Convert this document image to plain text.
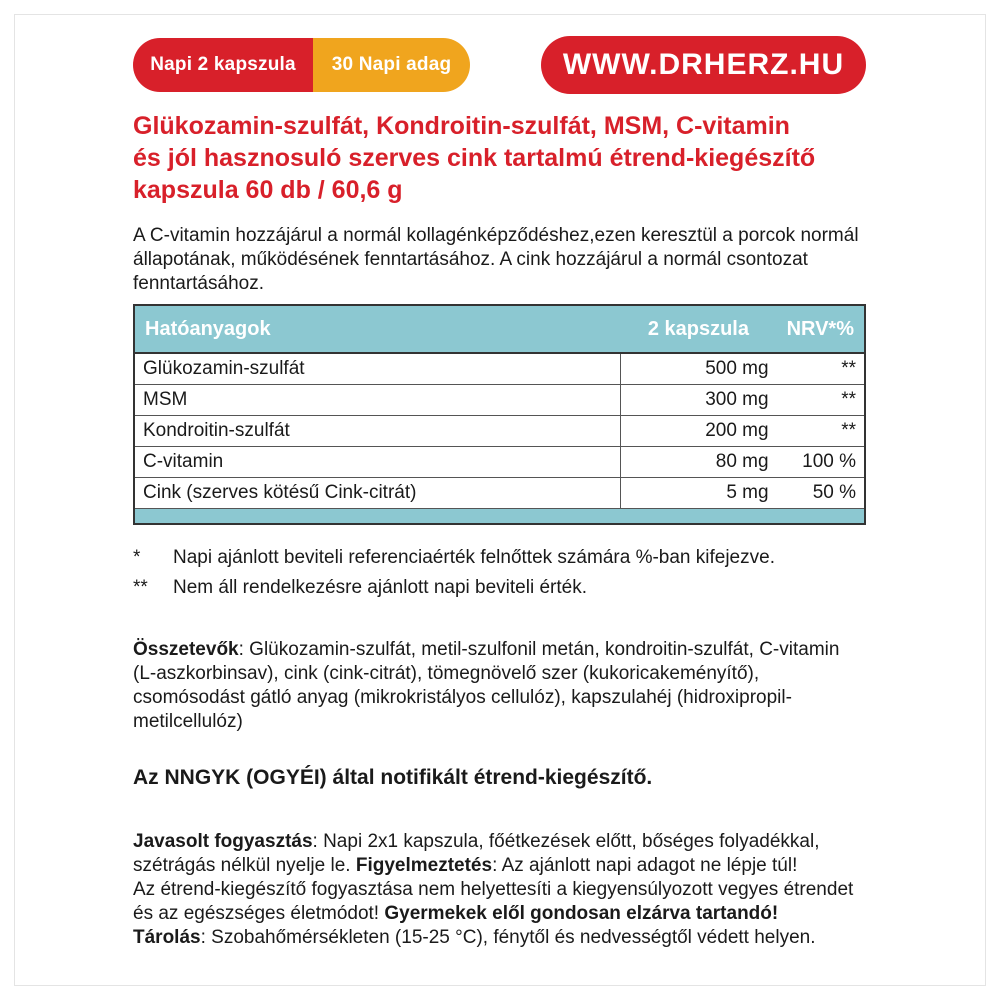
Napi 2 kapszula 30 Napi adag	WWW.DRHERZ.HU
Glükozamin-szulfát, Kondroitin-szulfát, MSM, C-vitamin
és jól hasznosuló szerves cink tartalmú étrend-kiegészítő
kapszula 60 db / 60,6 g
A C-vitamin hozzájárul a normál kollagénképződéshez,ezen keresztül a porcok normál
állapotának, működésének fenntartásához. A cink hozzájárul a normál csontozat
fenntartásához.
Hatóanyagok	2 kapszula	NRV*%
Glükozamin-szulfát	500 mg	**
MSM	300 mg	**
Kondroitin-szulfát	200 mg	**
C-vitamin	80 mg	100 %
Cink (szerves kötésű Cink-citrát)	5 mg	50 %

* Napi ajánlott beviteli referenciaérték felnőttek számára %-ban kifejezve.
** Nem áll rendelkezésre ajánlott napi beviteli érték.
Összetevők: Glükozamin-szulfát, metil-szulfonil metán, kondroitin-szulfát, C-vitamin
(L-aszkorbinsav), cink (cink-citrát), tömegnövelő szer (kukoricakeményítő),
csomósodást gátló anyag (mikrokristályos cellulóz), kapszulahéj (hidroxipropil-
metilcellulóz)
Az NNGYK (OGYÉI) által notifikált étrend-kiegészítő.
Javasolt fogyasztás: Napi 2x1 kapszula, főétkezések előtt, bőséges folyadékkal,
szétrágás nélkül nyelje le. Figyelmeztetés: Az ajánlott napi adagot ne lépje túl!
Az étrend-kiegészítő fogyasztása nem helyettesíti a kiegyensúlyozott vegyes étrendet
és az egészséges életmódot! Gyermekek elől gondosan elzárva tartandó!
Tárolás: Szobahőmérsékleten (15-25 °C), fénytől és nedvességtől védett helyen.
